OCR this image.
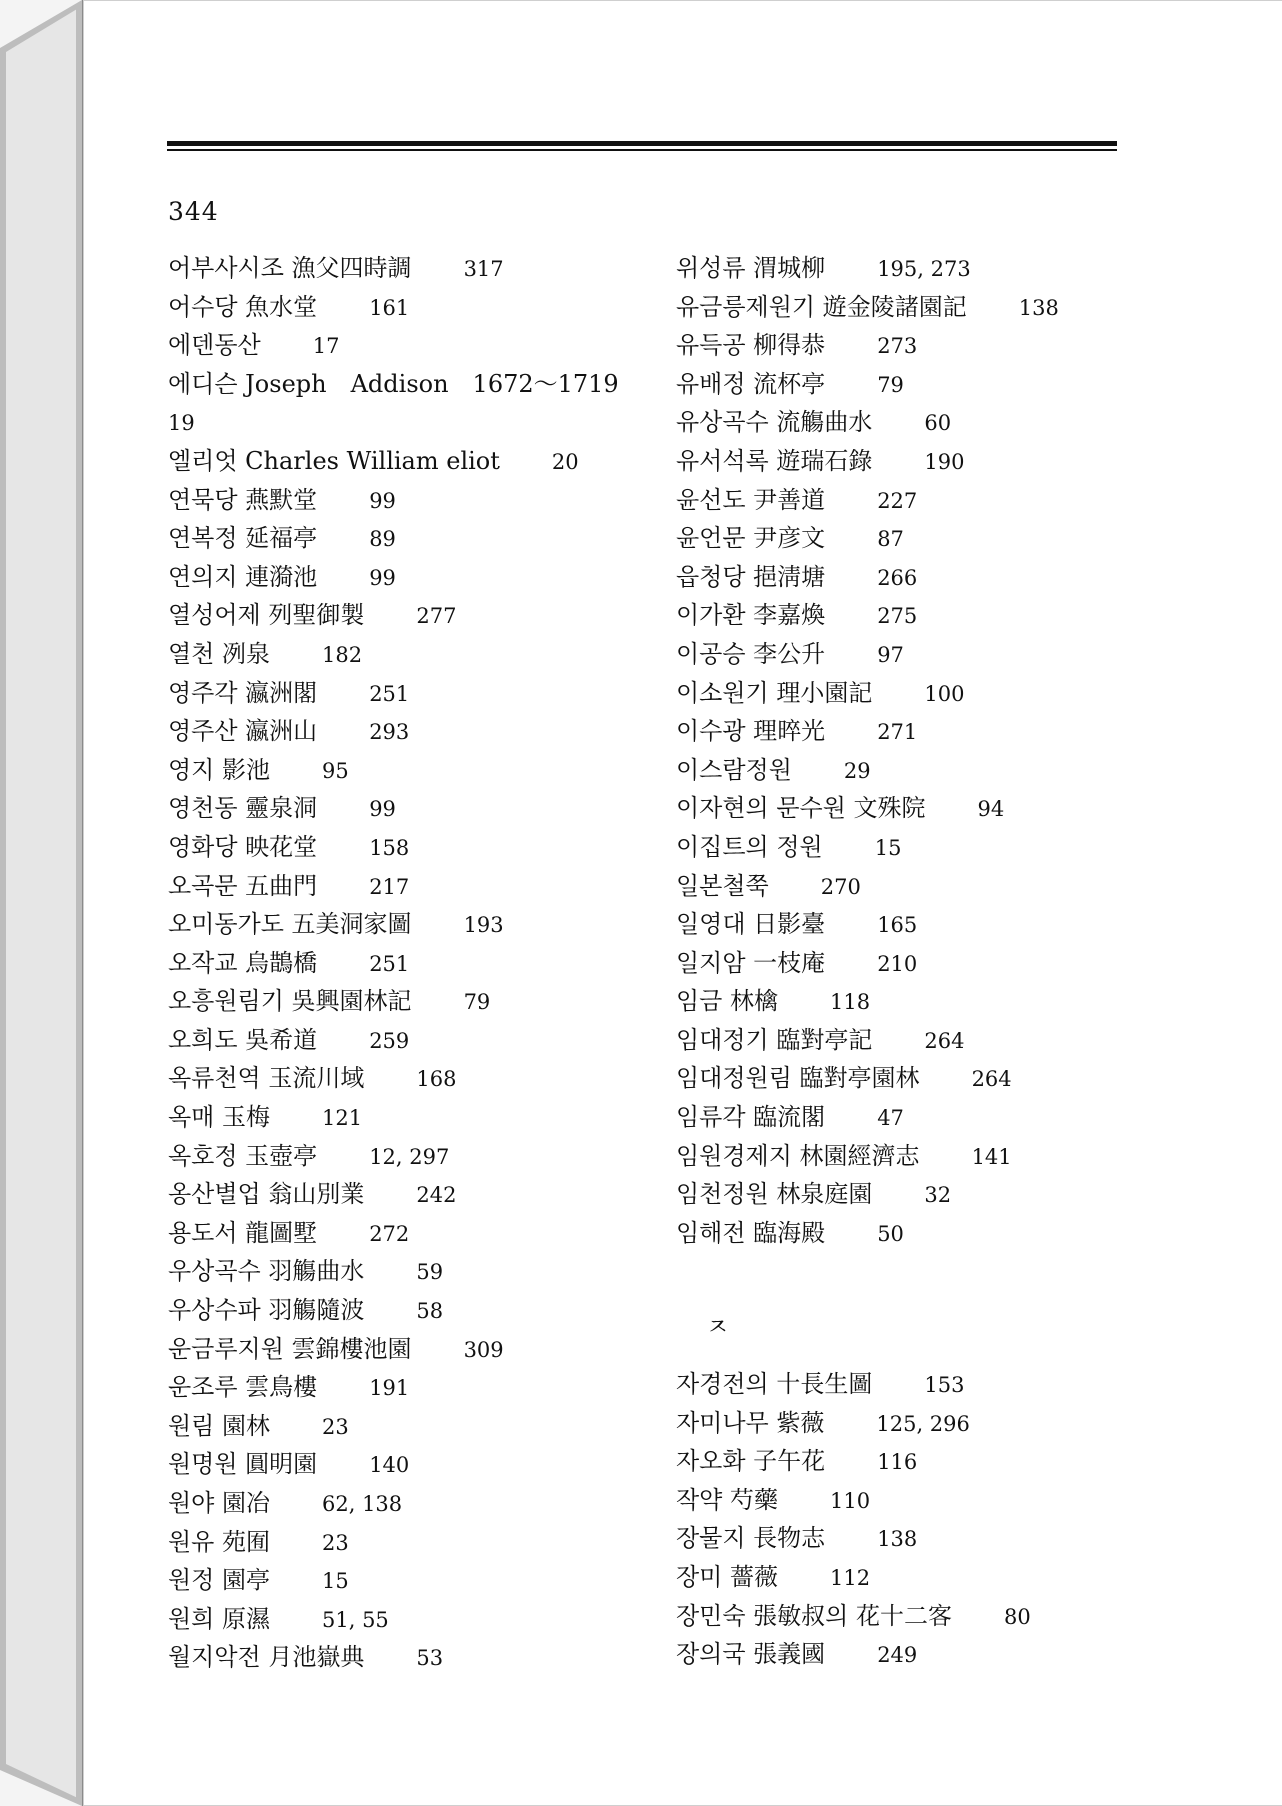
344
어부사시조 漁父四時調 317
어수당 魚水堂 161
에덴동산 17
에디슨 Joseph　Addison　1672～1719
19
엘리엇 Charles William eliot 20
연묵당 燕默堂 99
연복정 延福亭 89
연의지 連漪池 99
열성어제 列聖御製 277
열천 冽泉 182
영주각 瀛洲閣 251
영주산 瀛洲山 293
영지 影池 95
영천동 靈泉洞 99
영화당 映花堂 158
오곡문 五曲門 217
오미동가도 五美洞家圖 193
오작교 烏鵲橋 251
오흥원림기 吳興園林記 79
오희도 吳希道 259
옥류천역 玉流川域 168
옥매 玉梅 121
옥호정 玉壺亭 12, 297
옹산별업 翁山別業 242
용도서 龍圖墅 272
우상곡수 羽觴曲水 59
우상수파 羽觴隨波 58
운금루지원 雲錦樓池園 309
운조루 雲鳥樓 191
원림 園林 23
원명원 圓明園 140
원야 園冶 62, 138
원유 苑囿 23
원정 園亭 15
원희 原濕 51, 55
월지악전 月池嶽典 53
위성류 渭城柳 195, 273
유금릉제원기 遊金陵諸園記 138
유득공 柳得恭 273
유배정 流杯亭 79
유상곡수 流觴曲水 60
유서석록 遊瑞石錄 190
윤선도 尹善道 227
윤언문 尹彦文 87
읍청당 挹淸塘 266
이가환 李嘉煥 275
이공승 李公升 97
이소원기 理小園記 100
이수광 理晬光 271
이스람정원 29
이자현의 문수원 文殊院 94
이집트의 정원 15
일본철쭉 270
일영대 日影臺 165
일지암 一枝庵 210
임금 林檎 118
임대정기 臨對亭記 264
임대정원림 臨對亭園林 264
임류각 臨流閣 47
임원경제지 林園經濟志 141
임천정원 林泉庭園 32
임해전 臨海殿 50
ㅈ
자경전의 十長生圖 153
자미나무 紫薇 125, 296
자오화 子午花 116
작약 芍藥 110
장물지 長物志 138
장미 薔薇 112
장민숙 張敏叔의 花十二客 80
장의국 張義國 249
